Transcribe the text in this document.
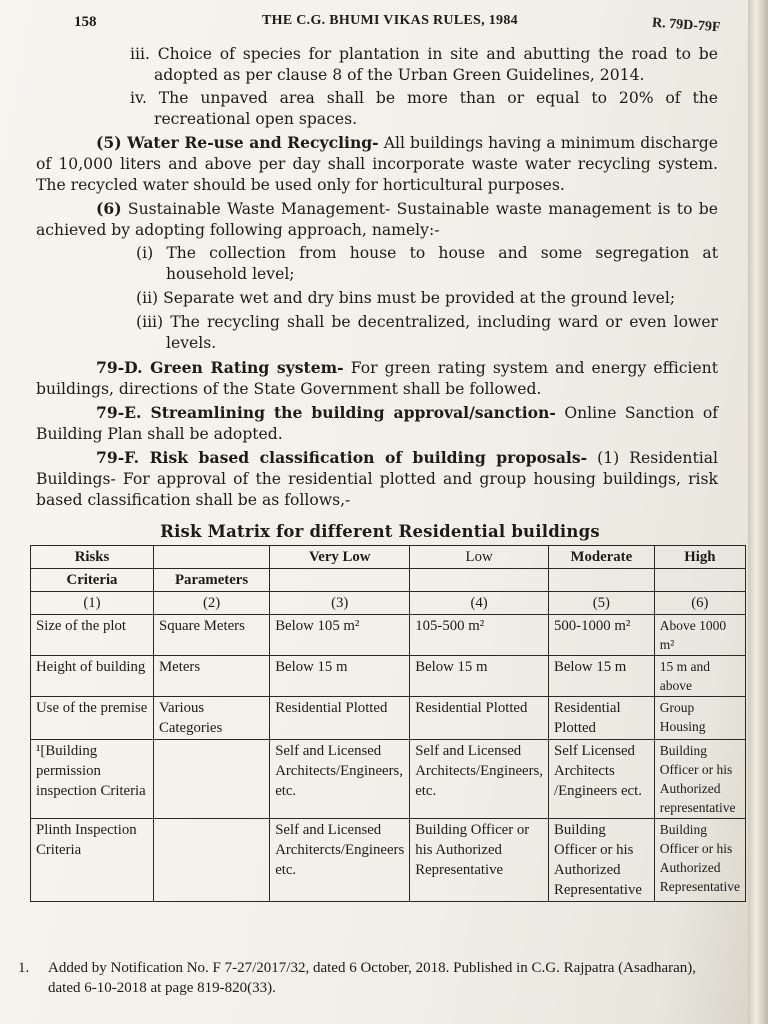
158	THE C.G. BHUMI VIKAS RULES, 1984	R. 79D-79F

iii. Choice of species for plantation in site and abutting the road to be adopted as per clause 8 of the Urban Green Guidelines, 2014.

iv. The unpaved area shall be more than or equal to 20% of the recreational open spaces.

(5) Water Re-use and Recycling- All buildings having a minimum discharge of 10,000 liters and above per day shall incorporate waste water recycling system. The recycled water should be used only for horticultural purposes.

(6) Sustainable Waste Management- Sustainable waste management is to be achieved by adopting following approach, namely:-

(i) The collection from house to house and some segregation at household level;

(ii) Separate wet and dry bins must be provided at the ground level;

(iii) The recycling shall be decentralized, including ward or even lower levels.

79-D. Green Rating system- For green rating system and energy efficient buildings, directions of the State Government shall be followed.

79-E. Streamlining the building approval/sanction- Online Sanction of Building Plan shall be adopted.

79-F. Risk based classification of building proposals- (1) Residential Buildings- For approval of the residential plotted and group housing buildings, risk based classification shall be as follows,-

Risk Matrix for different Residential buildings
Risks		Very Low	Low	Moderate	High
Criteria	Parameters				
(1)	(2)	(3)	(4)	(5)	(6)
Size of the plot	Square Meters	Below 105 m²	105-500 m²	500-1000 m²	Above 1000 m²
Height of building	Meters	Below 15 m	Below 15 m	Below 15 m	15 m and above
Use of the premise	Various Categories	Residential Plotted	Residential Plotted	Residential Plotted	Group Housing
¹[Building permission inspection Criteria		Self and Licensed Architects/Engineers, etc.	Self and Licensed Architects/Engineers, etc.	Self Licensed Architects /Engineers ect.	Building Officer or his Authorized representative
Plinth Inspection Criteria		Self and Licensed Architercts/Engineers etc.	Building Officer or his Authorized Representative	Building Officer or his Authorized Representative	Building Officer or his Authorized Representative
1.	Added by Notification No. F 7-27/2017/32, dated 6 October, 2018. Published in C.G. Rajpatra (Asadharan), dated 6-10-2018 at page 819-820(33).
